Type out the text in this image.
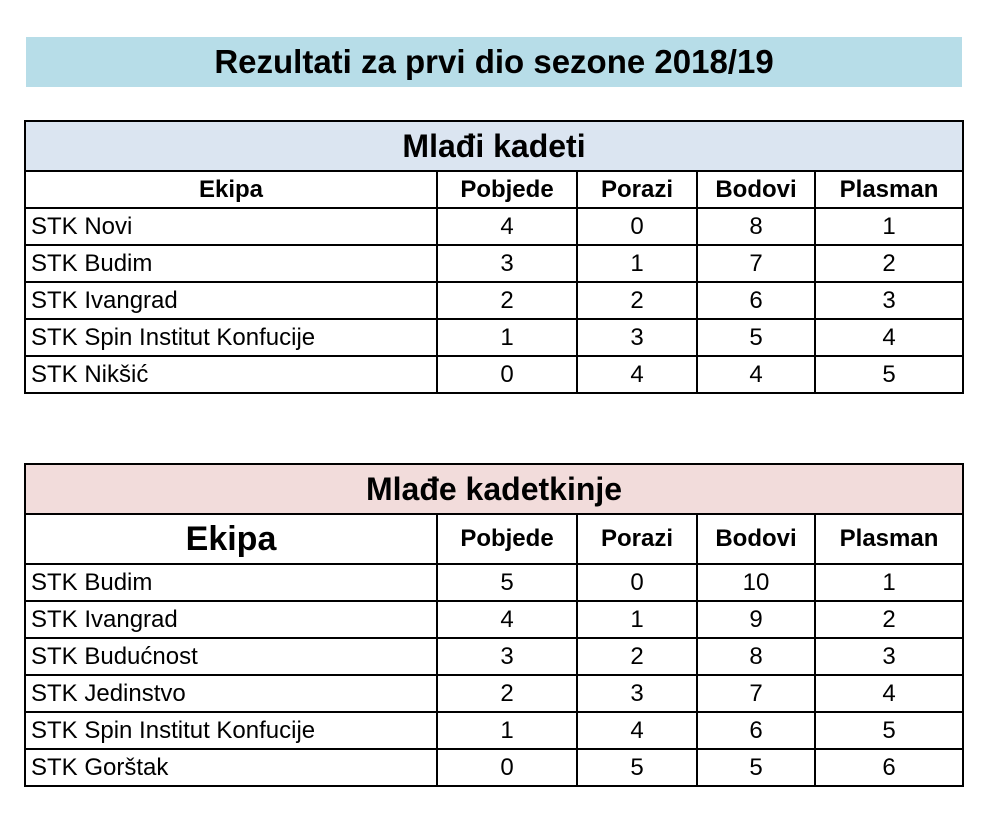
Rezultati za prvi dio sezone 2018/19
Mlađi kadeti				
Ekipa	Pobjede	Porazi	Bodovi	Plasman
STK Novi	4	0	8	1
STK Budim	3	1	7	2
STK Ivangrad	2	2	6	3
STK Spin Institut Konfucije	1	3	5	4
STK Nikšić	0	4	4	5
Mlađe kadetkinje				
Ekipa	Pobjede	Porazi	Bodovi	Plasman
STK Budim	5	0	10	1
STK Ivangrad	4	1	9	2
STK Budućnost	3	2	8	3
STK Jedinstvo	2	3	7	4
STK Spin Institut Konfucije	1	4	6	5
STK Gorštak	0	5	5	6
